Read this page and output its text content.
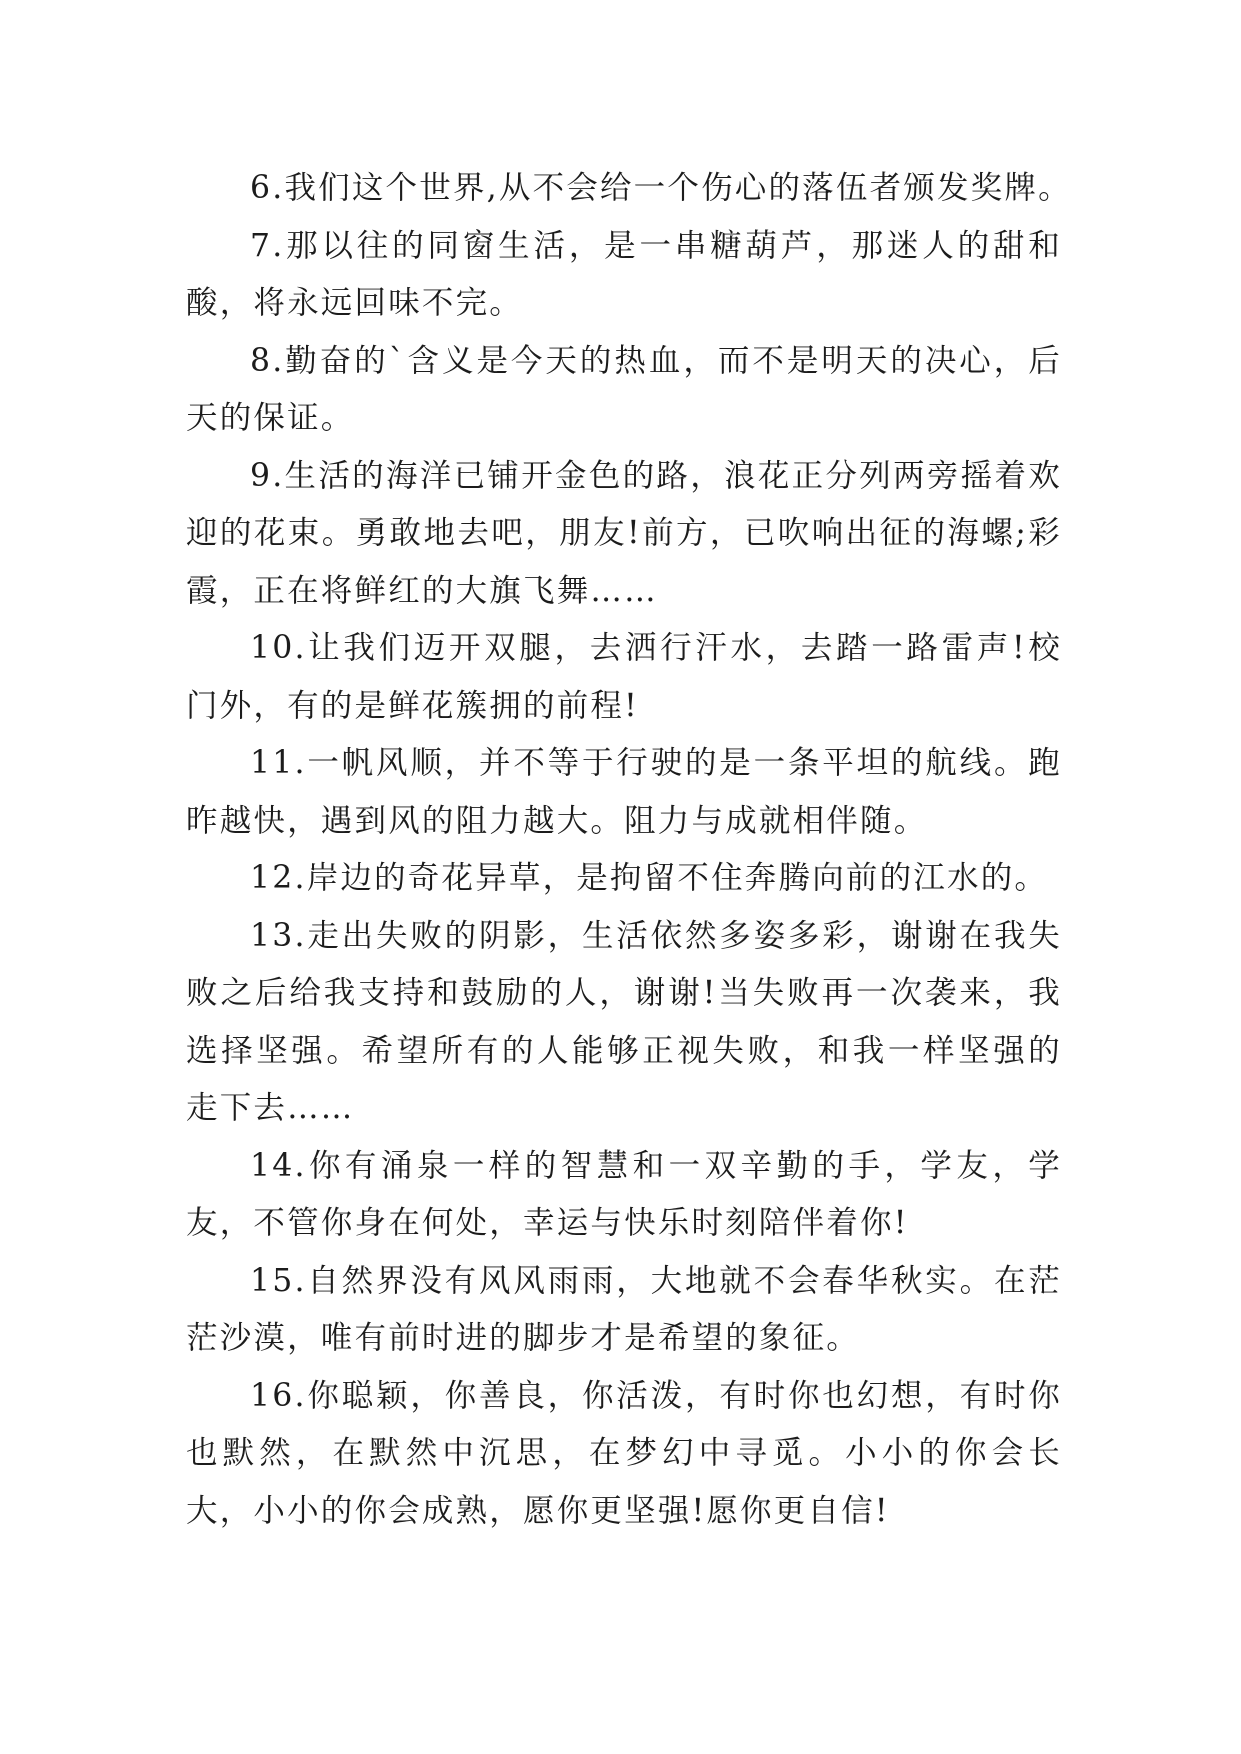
6.我们这个世界,从不会给一个伤心的落伍者颁发奖牌。

7.那以往的同窗生活，是一串糖葫芦，那迷人的甜和酸，将永远回味不完。

8.勤奋的`含义是今天的热血，而不是明天的决心，后天的保证。

9.生活的海洋已铺开金色的路，浪花正分列两旁摇着欢迎的花束。勇敢地去吧，朋友!前方，已吹响出征的海螺;彩霞，正在将鲜红的大旗飞舞……

10.让我们迈开双腿，去洒行汗水，去踏一路雷声!校门外，有的是鲜花簇拥的前程!

11.一帆风顺，并不等于行驶的是一条平坦的航线。跑昨越快，遇到风的阻力越大。阻力与成就相伴随。

12.岸边的奇花异草，是拘留不住奔腾向前的江水的。

13.走出失败的阴影，生活依然多姿多彩，谢谢在我失败之后给我支持和鼓励的人，谢谢!当失败再一次袭来，我选择坚强。希望所有的人能够正视失败，和我一样坚强的走下去……

14.你有涌泉一样的智慧和一双辛勤的手，学友，学友，不管你身在何处，幸运与快乐时刻陪伴着你!

15.自然界没有风风雨雨，大地就不会春华秋实。在茫茫沙漠，唯有前时进的脚步才是希望的象征。

16.你聪颖，你善良，你活泼，有时你也幻想，有时你也默然，在默然中沉思，在梦幻中寻觅。小小的你会长大，小小的你会成熟，愿你更坚强!愿你更自信!
